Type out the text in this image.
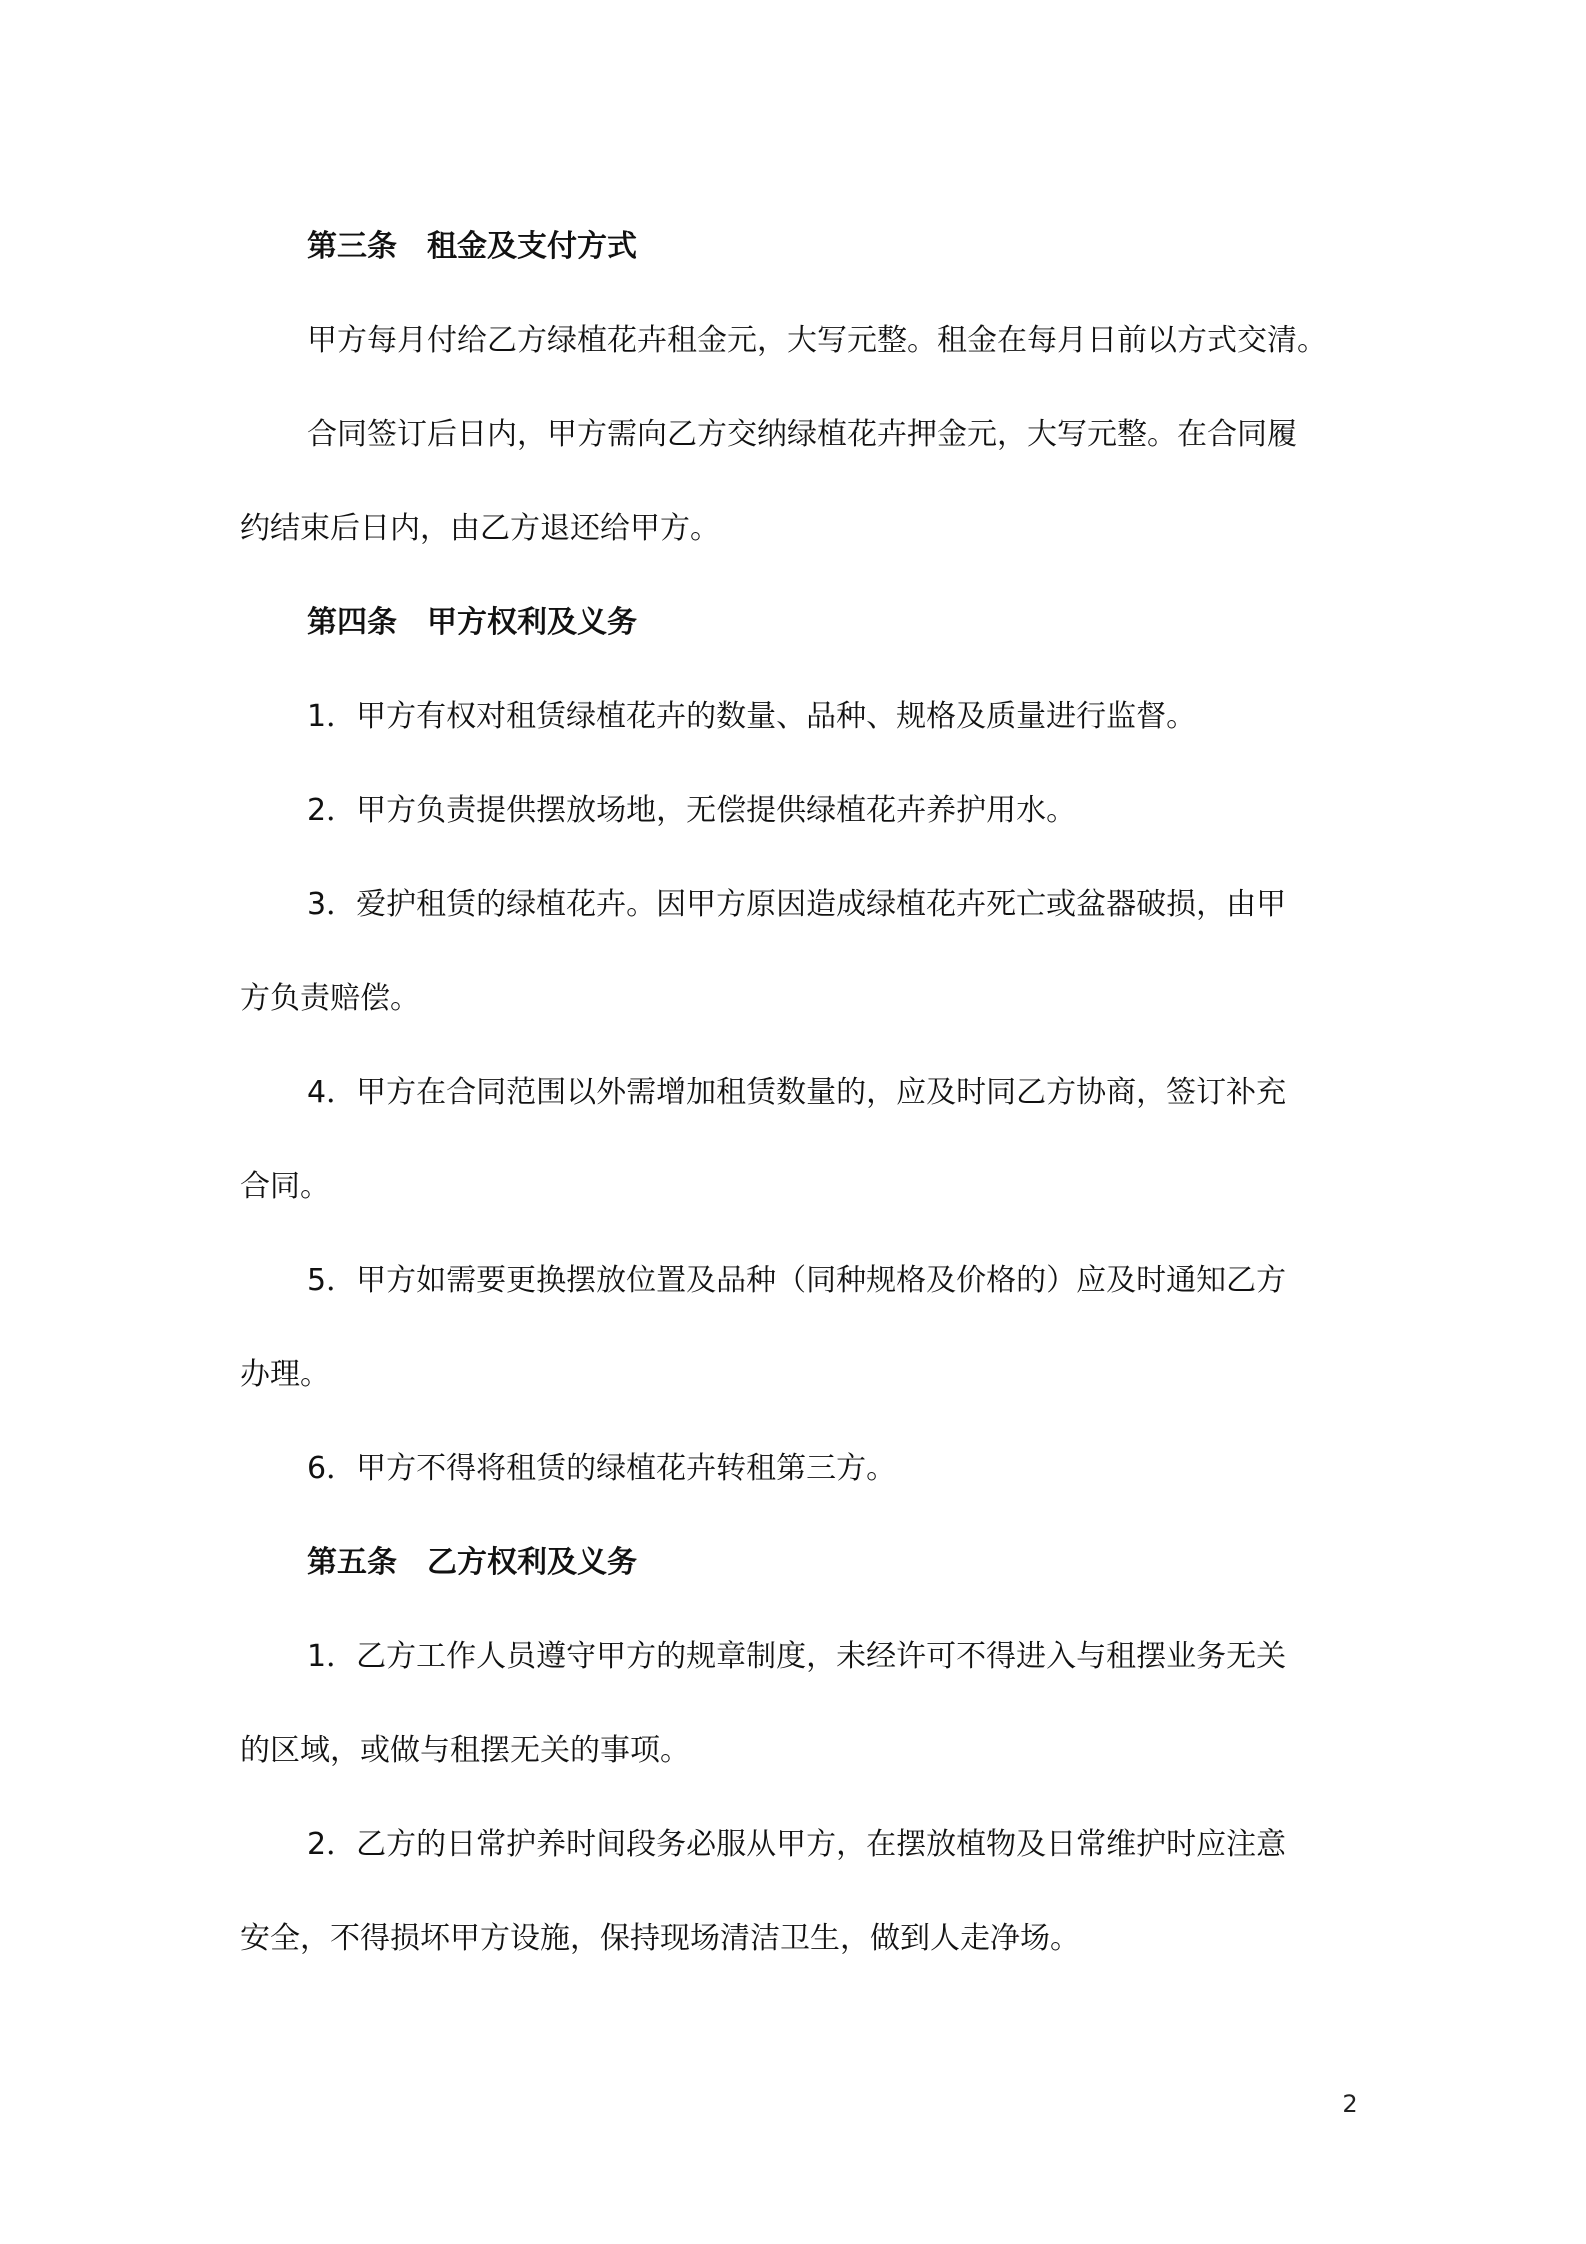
第三条 租金及支付方式
甲方每月付给乙方绿植花卉租金元，大写元整。租金在每月日前以方式交清。
合同签订后日内，甲方需向乙方交纳绿植花卉押金元，大写元整。在合同履
约结束后日内，由乙方退还给甲方。
第四条 甲方权利及义务
1．甲方有权对租赁绿植花卉的数量、品种、规格及质量进行监督。
2．甲方负责提供摆放场地，无偿提供绿植花卉养护用水。
3．爱护租赁的绿植花卉。因甲方原因造成绿植花卉死亡或盆器破损，由甲
方负责赔偿。
4．甲方在合同范围以外需增加租赁数量的，应及时同乙方协商，签订补充
合同。
5．甲方如需要更换摆放位置及品种（同种规格及价格的）应及时通知乙方
办理。
6．甲方不得将租赁的绿植花卉转租第三方。
第五条 乙方权利及义务
1．乙方工作人员遵守甲方的规章制度，未经许可不得进入与租摆业务无关
的区域，或做与租摆无关的事项。
2．乙方的日常护养时间段务必服从甲方，在摆放植物及日常维护时应注意
安全，不得损坏甲方设施，保持现场清洁卫生，做到人走净场。
2
